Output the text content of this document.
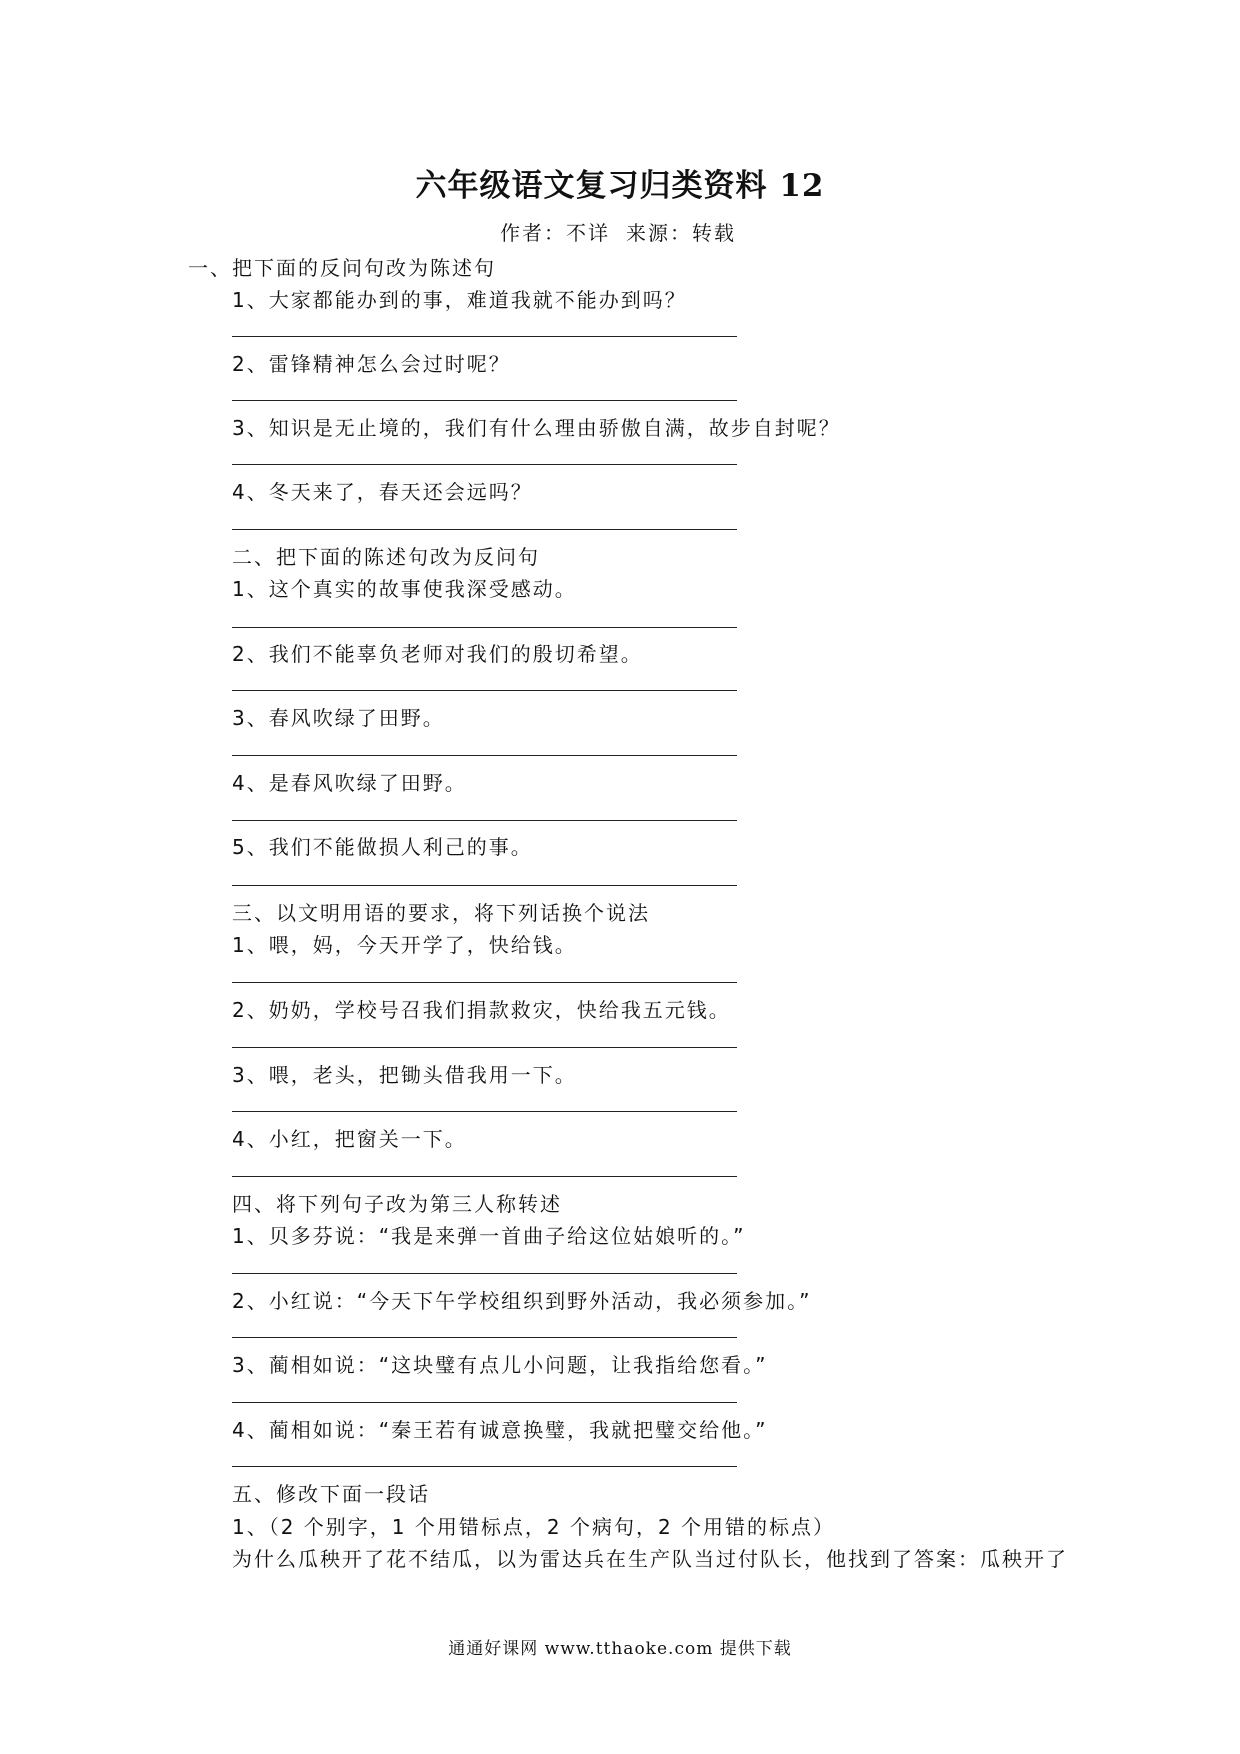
六年级语文复习归类资料 12
作者：不详 来源：转载
一、把下面的反问句改为陈述句
1、大家都能办到的事，难道我就不能办到吗？
2、雷锋精神怎么会过时呢？
3、知识是无止境的，我们有什么理由骄傲自满，故步自封呢？
4、冬天来了，春天还会远吗？
二、把下面的陈述句改为反问句
1、这个真实的故事使我深受感动。
2、我们不能辜负老师对我们的殷切希望。
3、春风吹绿了田野。
4、是春风吹绿了田野。
5、我们不能做损人利己的事。
三、以文明用语的要求，将下列话换个说法
1、喂，妈，今天开学了，快给钱。
2、奶奶，学校号召我们捐款救灾，快给我五元钱。
3、喂，老头，把锄头借我用一下。
4、小红，把窗关一下。
四、将下列句子改为第三人称转述
1、贝多芬说：“我是来弹一首曲子给这位姑娘听的。”
2、小红说：“今天下午学校组织到野外活动，我必须参加。”
3、蔺相如说：“这块璧有点儿小问题，让我指给您看。”
4、蔺相如说：“秦王若有诚意换璧，我就把璧交给他。”
五、修改下面一段话
1、（2 个别字，1 个用错标点，2 个病句，2 个用错的标点）
为什么瓜秧开了花不结瓜，以为雷达兵在生产队当过付队长，他找到了答案：瓜秧开了
通通好课网 www.tthaoke.com 提供下载
